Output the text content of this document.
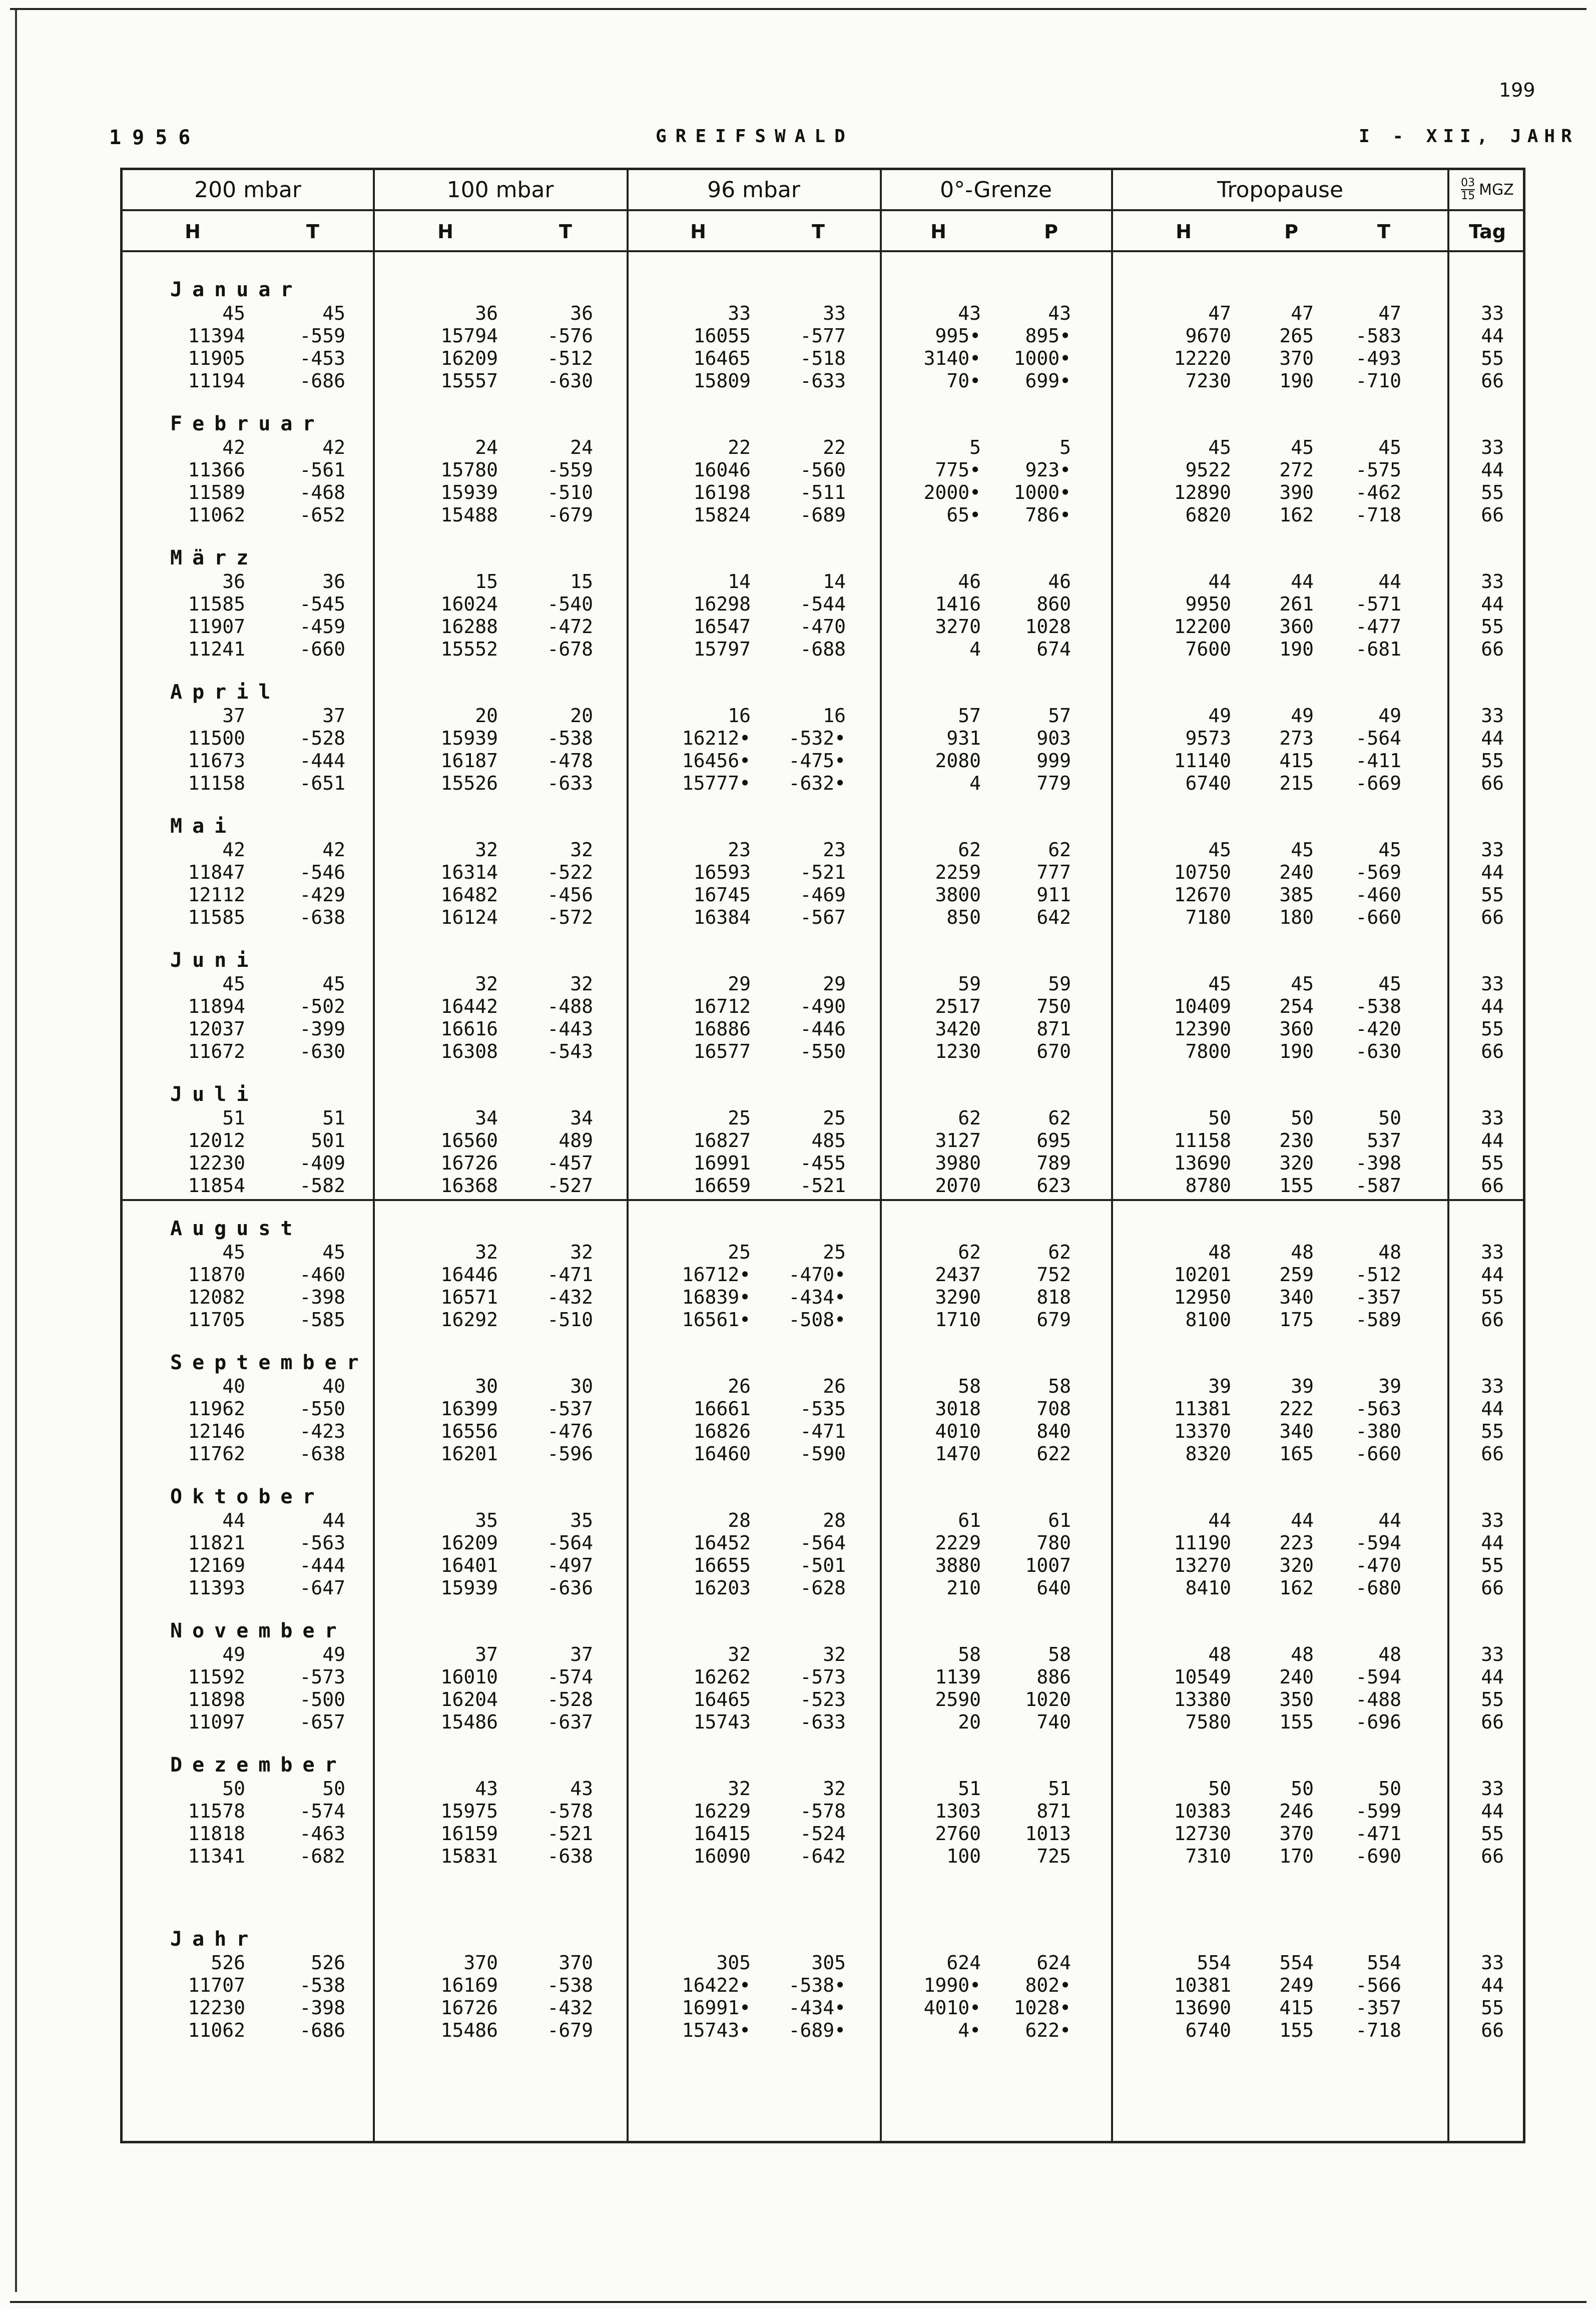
199
1956	GREIFSWALD	I - XII, JAHR
200 mbar	100 mbar	96 mbar	0°-Grenze	Tropopause	$\frac{03}{15}$ MGZ
H	T	H	T	H	T	H	P	H	P	T	Tag
Januar
45	45	36	36	33	33	43	43	47	47	47	33
11394	-559	15794	-576	16055	-577	995•	895•	9670	265	-583	44
11905	-453	16209	-512	16465	-518	3140•	1000•	12220	370	-493	55
11194	-686	15557	-630	15809	-633	70•	699•	7230	190	-710	66
Februar
42	42	24	24	22	22	5	5	45	45	45	33
11366	-561	15780	-559	16046	-560	775•	923•	9522	272	-575	44
11589	-468	15939	-510	16198	-511	2000•	1000•	12890	390	-462	55
11062	-652	15488	-679	15824	-689	65•	786•	6820	162	-718	66
März
36	36	15	15	14	14	46	46	44	44	44	33
11585	-545	16024	-540	16298	-544	1416	860	9950	261	-571	44
11907	-459	16288	-472	16547	-470	3270	1028	12200	360	-477	55
11241	-660	15552	-678	15797	-688	4	674	7600	190	-681	66
April
37	37	20	20	16	16	57	57	49	49	49	33
11500	-528	15939	-538	16212•	-532•	931	903	9573	273	-564	44
11673	-444	16187	-478	16456•	-475•	2080	999	11140	415	-411	55
11158	-651	15526	-633	15777•	-632•	4	779	6740	215	-669	66
Mai
42	42	32	32	23	23	62	62	45	45	45	33
11847	-546	16314	-522	16593	-521	2259	777	10750	240	-569	44
12112	-429	16482	-456	16745	-469	3800	911	12670	385	-460	55
11585	-638	16124	-572	16384	-567	850	642	7180	180	-660	66
Juni
45	45	32	32	29	29	59	59	45	45	45	33
11894	-502	16442	-488	16712	-490	2517	750	10409	254	-538	44
12037	-399	16616	-443	16886	-446	3420	871	12390	360	-420	55
11672	-630	16308	-543	16577	-550	1230	670	7800	190	-630	66
Juli
51	51	34	34	25	25	62	62	50	50	50	33
12012	501	16560	489	16827	485	3127	695	11158	230	537	44
12230	-409	16726	-457	16991	-455	3980	789	13690	320	-398	55
11854	-582	16368	-527	16659	-521	2070	623	8780	155	-587	66
August
45	45	32	32	25	25	62	62	48	48	48	33
11870	-460	16446	-471	16712•	-470•	2437	752	10201	259	-512	44
12082	-398	16571	-432	16839•	-434•	3290	818	12950	340	-357	55
11705	-585	16292	-510	16561•	-508•	1710	679	8100	175	-589	66
September
40	40	30	30	26	26	58	58	39	39	39	33
11962	-550	16399	-537	16661	-535	3018	708	11381	222	-563	44
12146	-423	16556	-476	16826	-471	4010	840	13370	340	-380	55
11762	-638	16201	-596	16460	-590	1470	622	8320	165	-660	66
Oktober
44	44	35	35	28	28	61	61	44	44	44	33
11821	-563	16209	-564	16452	-564	2229	780	11190	223	-594	44
12169	-444	16401	-497	16655	-501	3880	1007	13270	320	-470	55
11393	-647	15939	-636	16203	-628	210	640	8410	162	-680	66
November
49	49	37	37	32	32	58	58	48	48	48	33
11592	-573	16010	-574	16262	-573	1139	886	10549	240	-594	44
11898	-500	16204	-528	16465	-523	2590	1020	13380	350	-488	55
11097	-657	15486	-637	15743	-633	20	740	7580	155	-696	66
Dezember
50	50	43	43	32	32	51	51	50	50	50	33
11578	-574	15975	-578	16229	-578	1303	871	10383	246	-599	44
11818	-463	16159	-521	16415	-524	2760	1013	12730	370	-471	55
11341	-682	15831	-638	16090	-642	100	725	7310	170	-690	66
Jahr
526	526	370	370	305	305	624	624	554	554	554	33
11707	-538	16169	-538	16422•	-538•	1990•	802•	10381	249	-566	44
12230	-398	16726	-432	16991•	-434•	4010•	1028•	13690	415	-357	55
11062	-686	15486	-679	15743•	-689•	4•	622•	6740	155	-718	66
